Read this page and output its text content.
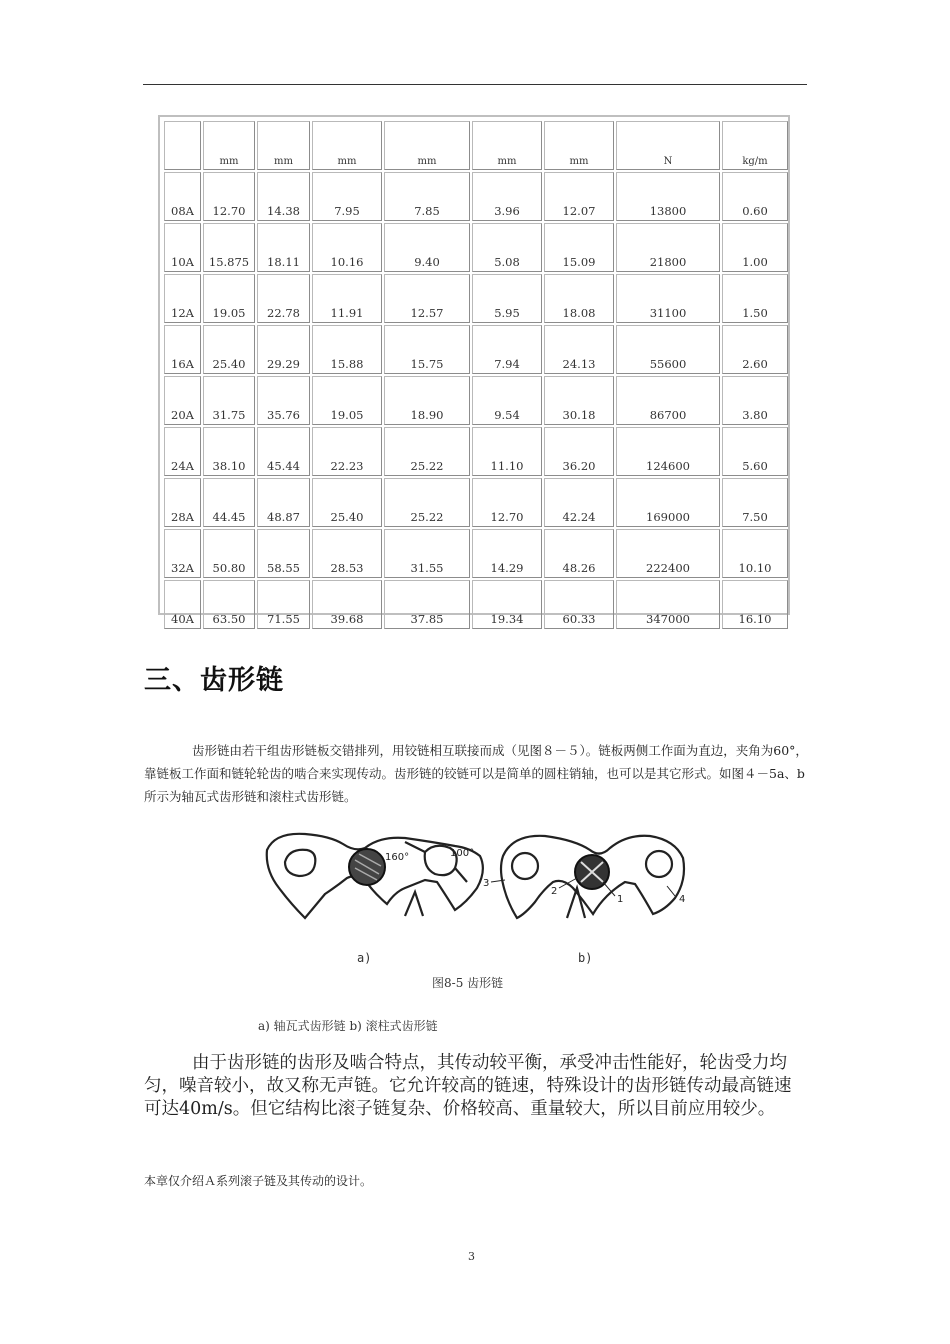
	mm	mm	mm	mm	mm	mm	N	kg/m
08A	12.70	14.38	7.95	7.85	3.96	12.07	13800	0.60
10A	15.875	18.11	10.16	9.40	5.08	15.09	21800	1.00
12A	19.05	22.78	11.91	12.57	5.95	18.08	31100	1.50
16A	25.40	29.29	15.88	15.75	7.94	24.13	55600	2.60
20A	31.75	35.76	19.05	18.90	9.54	30.18	86700	3.80
24A	38.10	45.44	22.23	25.22	11.10	36.20	124600	5.60
28A	44.45	48.87	25.40	25.22	12.70	42.24	169000	7.50
32A	50.80	58.55	28.53	31.55	14.29	48.26	222400	10.10
40A	63.50	71.55	39.68	37.85	19.34	60.33	347000	16.10
三、齿形链
齿形链由若干组齿形链板交错排列，用铰链相互联接而成（见图８－５）。链板两侧工作面为直边，夹角为60°，靠链板工作面和链轮轮齿的啮合来实现传动。齿形链的铰链可以是简单的圆柱销轴，也可以是其它形式。如图４－5a、b 所示为轴瓦式齿形链和滚柱式齿形链。
160°	100°
3
2
1	4
a)	b)
图8-5 齿形链
a) 轴瓦式齿形链 b) 滚柱式齿形链
由于齿形链的齿形及啮合特点，其传动较平衡，承受冲击性能好，轮齿受力均匀，噪音较小，故又称无声链。它允许较高的链速，特殊设计的齿形链传动最高链速可达40m/s。但它结构比滚子链复杂、价格较高、重量较大，所以目前应用较少。
本章仅介绍Ａ系列滚子链及其传动的设计。
3
